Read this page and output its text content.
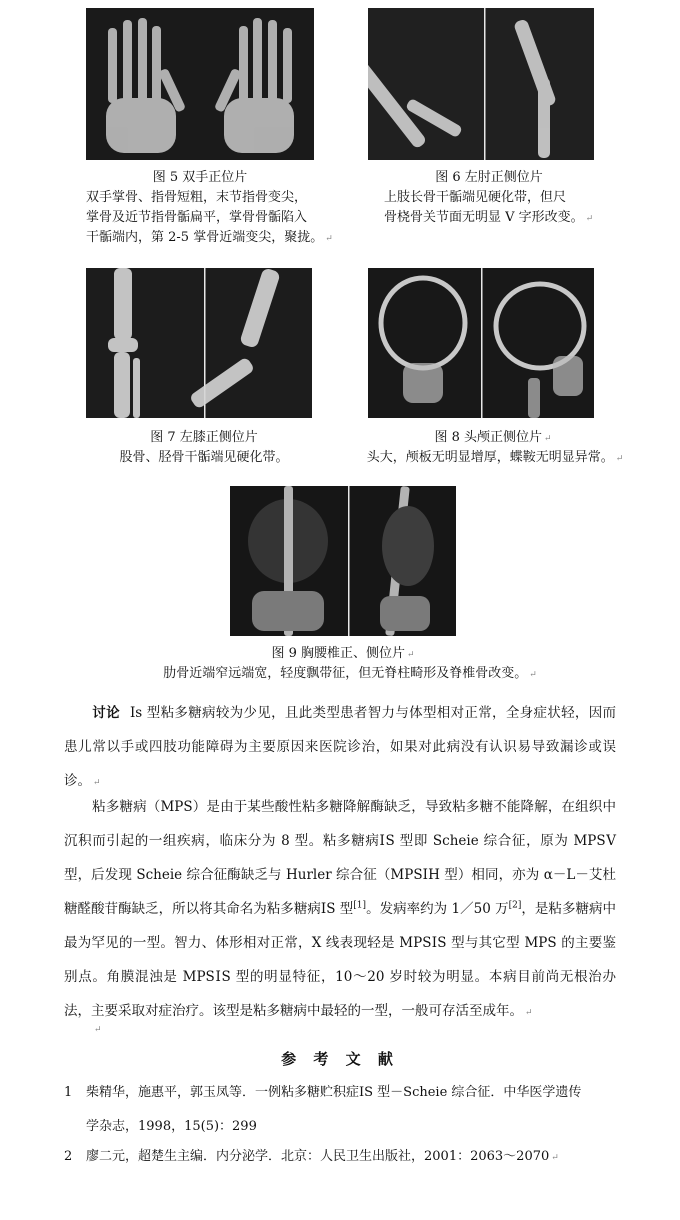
图 5 双手正位片
双手掌骨、指骨短粗，末节指骨变尖，
掌骨及近节指骨骺扁平，掌骨骨骺陷入
干骺端内，第 2-5 掌骨近端变尖，聚拢。 ↵
图 6 左肘正侧位片
上肢长骨干骺端见硬化带，但尺
骨桡骨关节面无明显 V 字形改变。 ↵
图 7 左膝正侧位片
股骨、胫骨干骺端见硬化带。
图 8 头颅正侧位片 ↵
头大，颅板无明显增厚，蝶鞍无明显异常。 ↵
图 9 胸腰椎正、侧位片 ↵
肋骨近端窄远端宽，轻度飘带征，但无脊柱畸形及脊椎骨改变。 ↵
讨论 Is 型粘多糖病较为少见，且此类型患者智力与体型相对正常，全身症状轻，因而患儿常以手或四肢功能障碍为主要原因来医院诊治，如果对此病没有认识易导致漏诊或误诊。 ↵
粘多糖病（MPS）是由于某些酸性粘多糖降解酶缺乏，导致粘多糖不能降解，在组织中沉积而引起的一组疾病，临床分为 8 型。粘多糖病ⅠS 型即 Scheie 综合征，原为 MPSⅤ型，后发现 Scheie 综合征酶缺乏与 Hurler 综合征（MPSⅠH 型）相同，亦为 α－L－艾杜糖醛酸苷酶缺乏，所以将其命名为粘多糖病ⅠS 型[1]。发病率约为 1／50 万[2]，是粘多糖病中最为罕见的一型。智力、体形相对正常，X 线表现轻是 MPSⅠS 型与其它型 MPS 的主要鉴别点。角膜混浊是 MPSⅠS 型的明显特征，10～20 岁时较为明显。本病目前尚无根治办法，主要采取对症治疗。该型是粘多糖病中最轻的一型，一般可存活至成年。 ↵
↵
参 考 文 献
1 柴精华，施惠平，郭玉凤等．一例粘多糖贮积症ⅠS 型－Scheie 综合征．中华医学遗传
学杂志，1998，15(5)：299
2 廖二元，超楚生主编．内分泌学．北京：人民卫生出版社，2001：2063～2070 ↵
